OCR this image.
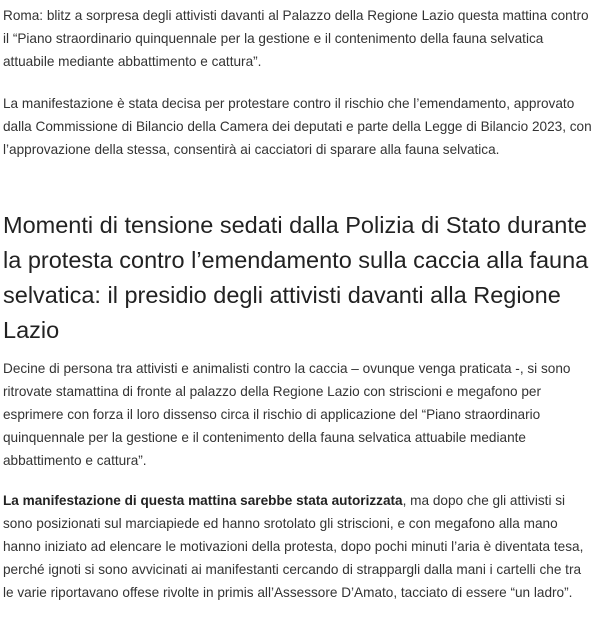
Roma: blitz a sorpresa degli attivisti davanti al Palazzo della Regione Lazio questa mattina contro il “Piano straordinario quinquennale per la gestione e il contenimento della fauna selvatica attuabile mediante abbattimento e cattura”.

La manifestazione è stata decisa per protestare contro il rischio che l’emendamento, approvato dalla Commissione di Bilancio della Camera dei deputati e parte della Legge di Bilancio 2023, con l’approvazione della stessa, consentirà ai cacciatori di sparare alla fauna selvatica.

Momenti di tensione sedati dalla Polizia di Stato durante la protesta contro l’emendamento sulla caccia alla fauna selvatica: il presidio degli attivisti davanti alla Regione Lazio

Decine di persona tra attivisti e animalisti contro la caccia – ovunque venga praticata -, si sono ritrovate stamattina di fronte al palazzo della Regione Lazio con striscioni e megafono per esprimere con forza il loro dissenso circa il rischio di applicazione del “Piano straordinario quinquennale per la gestione e il contenimento della fauna selvatica attuabile mediante abbattimento e cattura”.

La manifestazione di questa mattina sarebbe stata autorizzata, ma dopo che gli attivisti si sono posizionati sul marciapiede ed hanno srotolato gli striscioni, e con megafono alla mano hanno iniziato ad elencare le motivazioni della protesta, dopo pochi minuti l’aria è diventata tesa, perché ignoti si sono avvicinati ai manifestanti cercando di strappargli dalla mani i cartelli che tra le varie riportavano offese rivolte in primis all’Assessore D’Amato, tacciato di essere “un ladro”.
